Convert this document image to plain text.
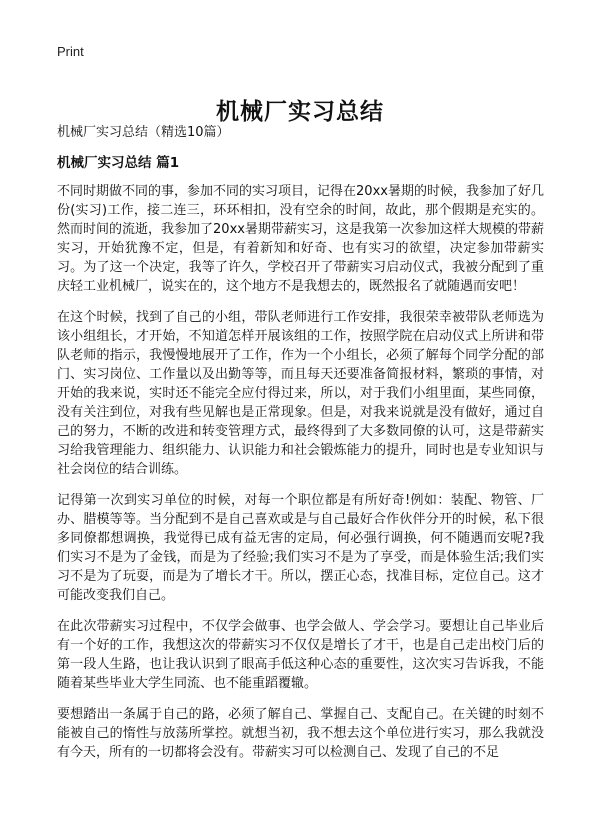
Print
机械厂实习总结
机械厂实习总结（精选10篇）
机械厂实习总结 篇1

不同时期做不同的事，参加不同的实习项目，记得在20xx暑期的时候，我参加了好几份(实习)工作，接二连三，环环相扣，没有空余的时间，故此，那个假期是充实的。然而时间的流逝，我参加了20xx暑期带薪实习，这是我第一次参加这样大规模的带薪实习，开始犹豫不定，但是，有着新知和好奇、也有实习的欲望，决定参加带薪实习。为了这一个决定，我等了许久，学校召开了带薪实习启动仪式，我被分配到了重庆轻工业机械厂，说实在的，这个地方不是我想去的，既然报名了就随遇而安吧！

在这个时候，找到了自己的小组，带队老师进行工作安排，我很荣幸被带队老师选为该小组组长，才开始，不知道怎样开展该组的工作，按照学院在启动仪式上所讲和带队老师的指示，我慢慢地展开了工作，作为一个小组长，必须了解每个同学分配的部门、实习岗位、工作量以及出勤等等，而且每天还要准备简报材料，繁琐的事情，对开始的我来说，实时还不能完全应付得过来，所以，对于我们小组里面，某些同僚，没有关注到位，对我有些见解也是正常现象。但是，对我来说就是没有做好，通过自己的努力，不断的改进和转变管理方式，最终得到了大多数同僚的认可，这是带薪实习给我管理能力、组织能力、认识能力和社会锻炼能力的提升，同时也是专业知识与社会岗位的结合训练。

记得第一次到实习单位的时候，对每一个职位都是有所好奇!例如：装配、物管、厂办、腊模等等。当分配到不是自己喜欢或是与自己最好合作伙伴分开的时候，私下很多同僚都想调换，我觉得已成有益无害的定局，何必强行调换，何不随遇而安呢?我们实习不是为了金钱，而是为了经验;我们实习不是为了享受，而是体验生活;我们实习不是为了玩耍，而是为了增长才干。所以，摆正心态，找准目标，定位自己。这才可能改变我们自己。

在此次带薪实习过程中，不仅学会做事、也学会做人、学会学习。要想让自己毕业后有一个好的工作，我想这次的带薪实习不仅仅是增长了才干，也是自己走出校门后的第一段人生路，也让我认识到了眼高手低这种心态的重要性，这次实习告诉我，不能随着某些毕业大学生同流、也不能重蹈覆辙。

要想踏出一条属于自己的路，必须了解自己、掌握自己、支配自己。在关键的时刻不能被自己的惰性与放荡所掌控。就想当初，我不想去这个单位进行实习，那么我就没有今天，所有的一切都将会没有。带薪实习可以检测自己、发现了自己的不足
